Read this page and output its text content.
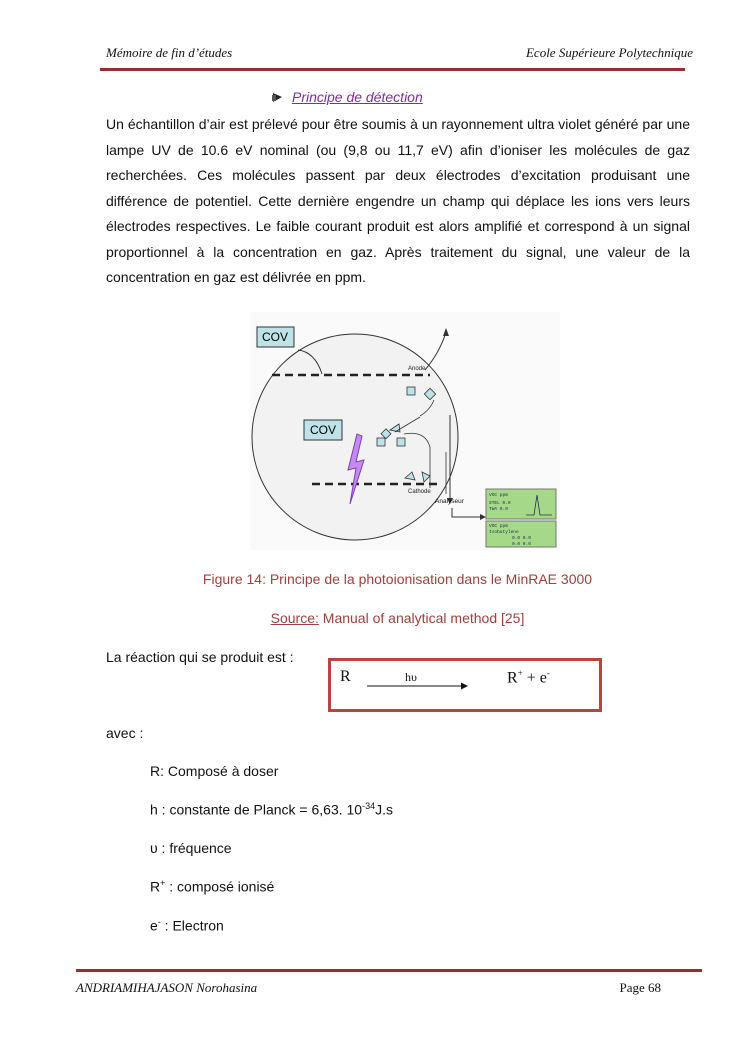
Mémoire de fin d’études	Ecole Supérieure Polytechnique
Principe de détection
Un échantillon d’air est prélevé pour être soumis à un rayonnement ultra violet généré par une lampe UV de 10.6 eV nominal (ou (9,8 ou 11,7 eV) afin d’ioniser les molécules de gaz recherchées. Ces molécules passent par deux électrodes d’excitation produisant une différence de potentiel. Cette dernière engendre un champ qui déplace les ions vers leurs électrodes respectives. Le faible courant produit est alors amplifié et correspond à un signal proportionnel à la concentration en gaz. Après traitement du signal, une valeur de la concentration en gaz est délivrée en ppm.
Anode
Cathode
COV
COV
Analyseur
VOC ppm
STEL 0.0
TWA 0.0
VOC ppm
Isobutylene
0.0 0.0
0.0 0.0
Figure 14: Principe de la photoionisation dans le MinRAE 3000
Source: Manual of analytical method [25]
La réaction qui se produit est :
R	hυ	R+ + e-
avec :
R: Composé à doser
h : constante de Planck = 6,63. $10^{-34}J.s$
υ : fréquence
R+ : composé ionisé
e- : Electron
ANDRIAMIHAJASON Norohasina	Page 68
